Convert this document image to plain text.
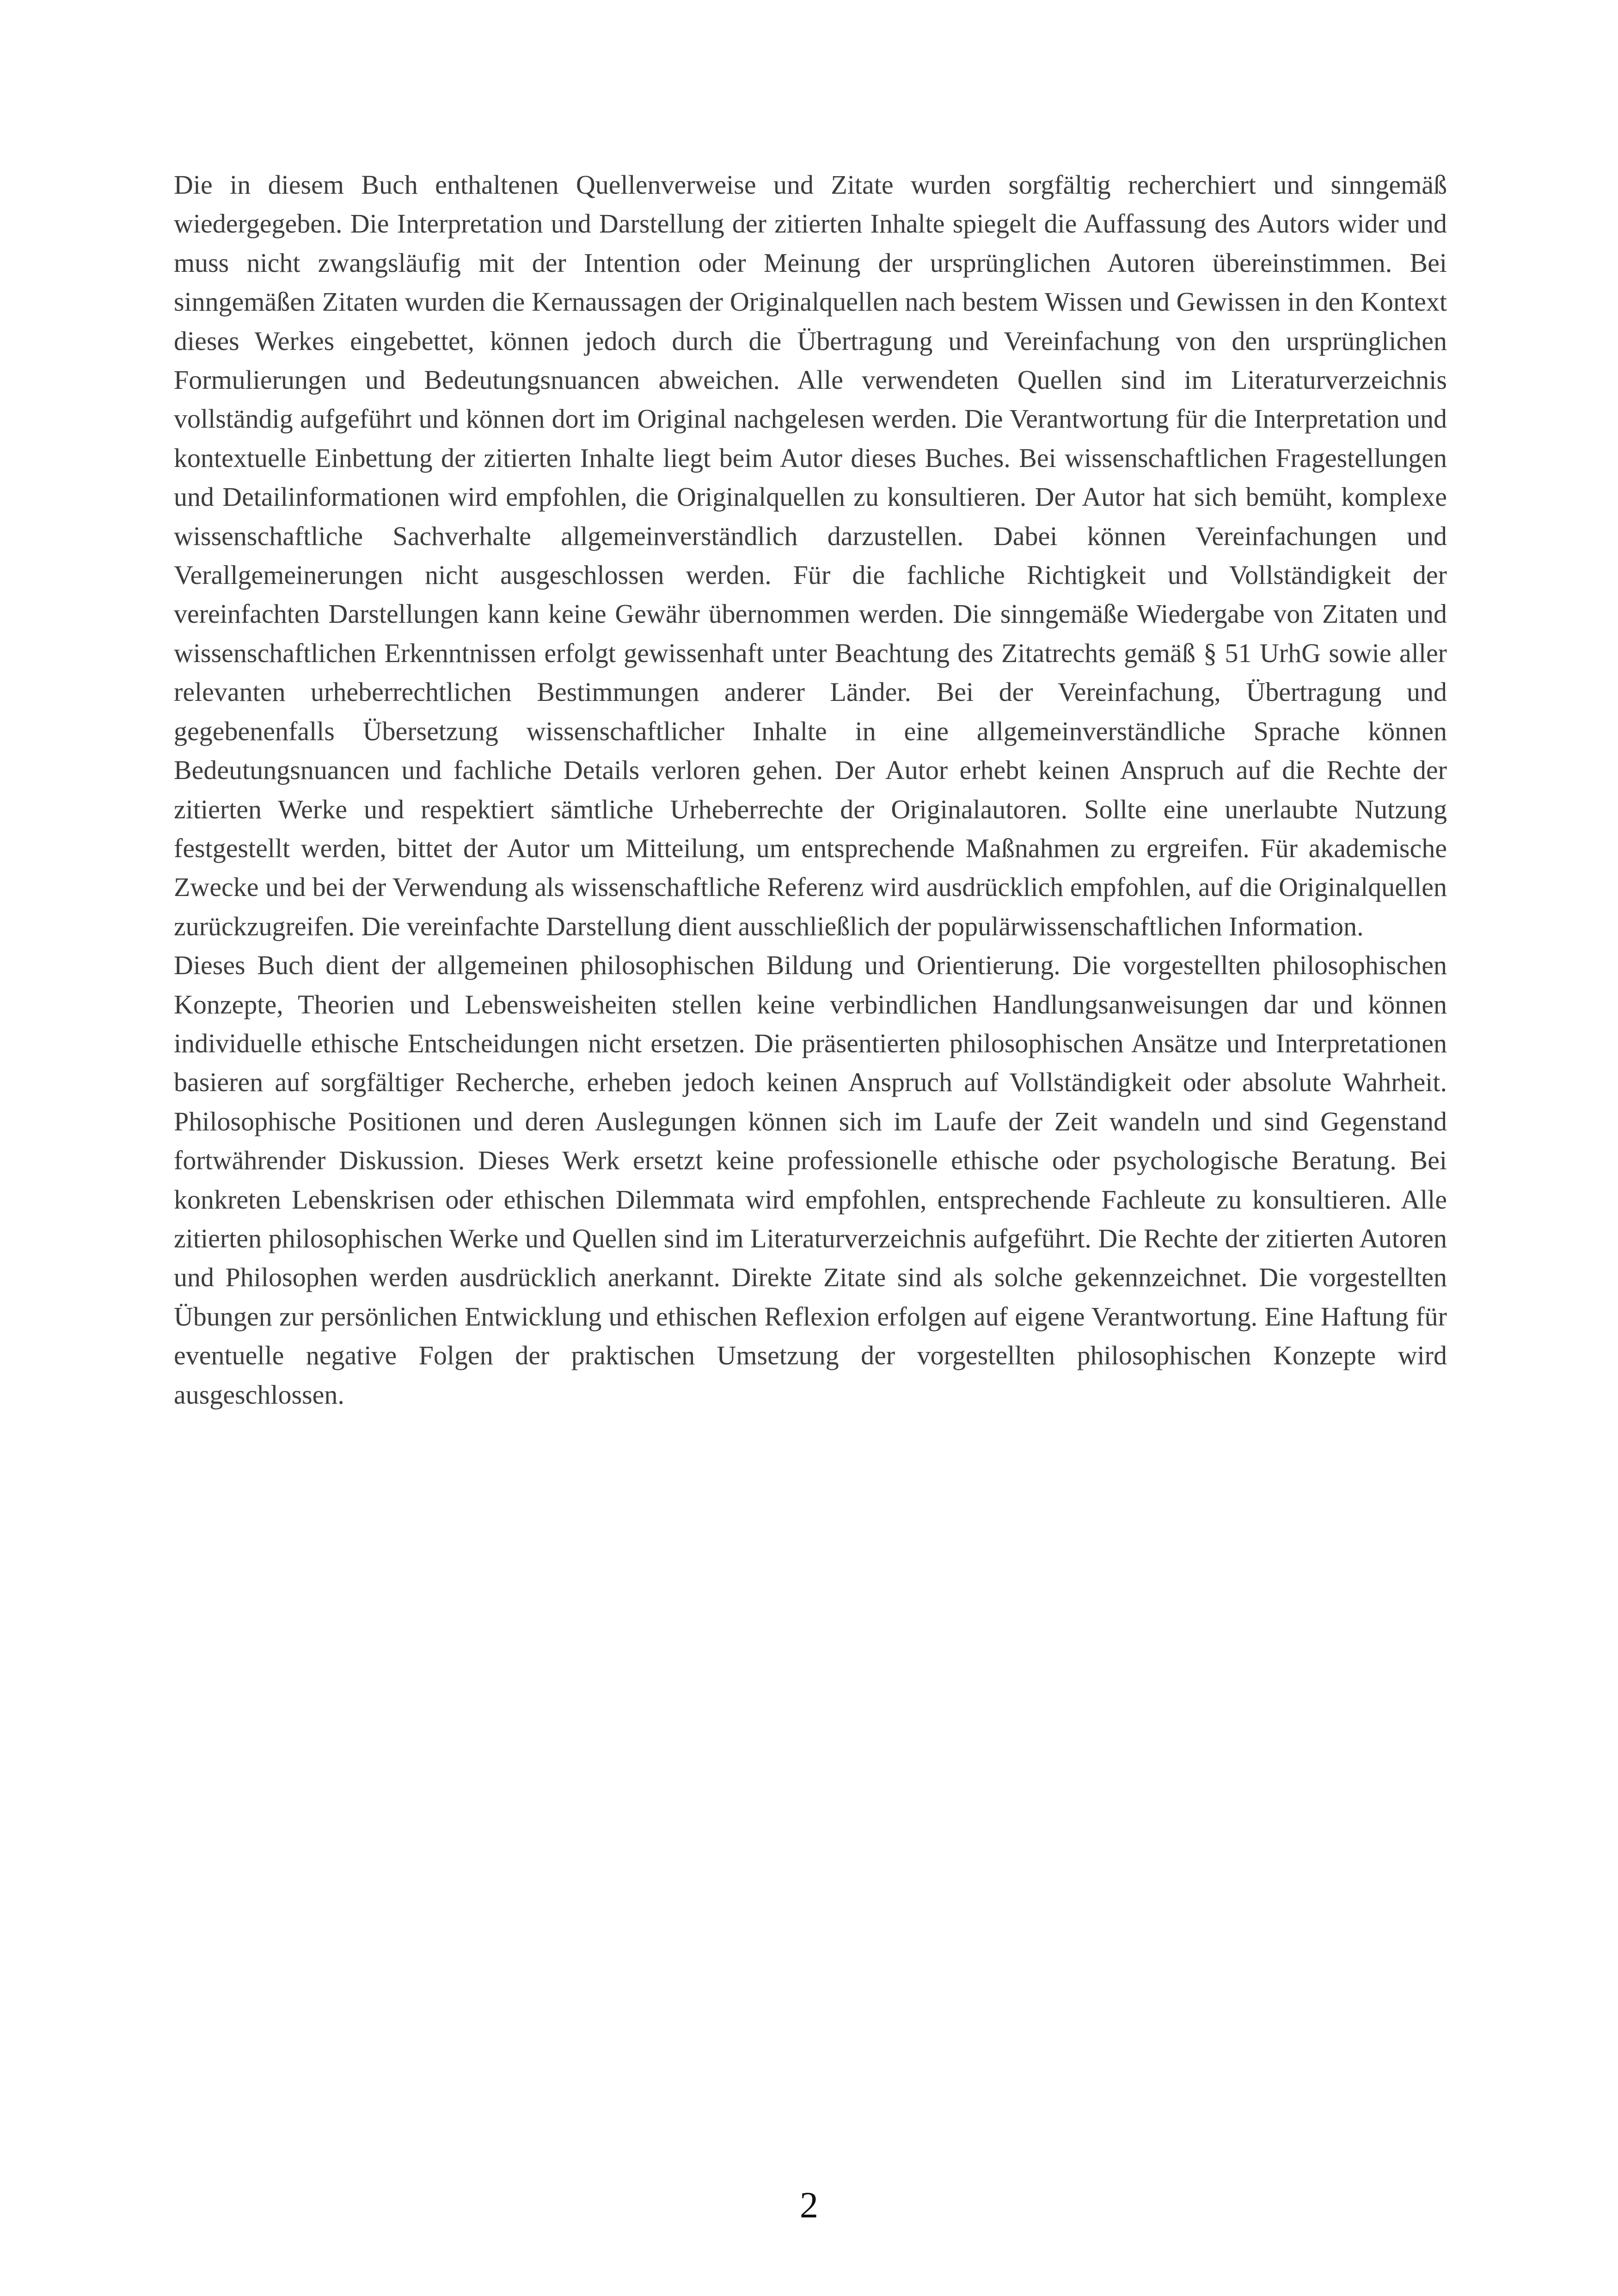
Die in diesem Buch enthaltenen Quellenverweise und Zitate wurden sorgfältig recherchiert und sinngemäß wiedergegeben. Die Interpretation und Darstellung der zitierten Inhalte spiegelt die Auffassung des Autors wider und muss nicht zwangsläufig mit der Intention oder Meinung der ursprünglichen Autoren übereinstimmen. Bei sinngemäßen Zitaten wurden die Kernaussagen der Originalquellen nach bestem Wissen und Gewissen in den Kontext dieses Werkes eingebettet, können jedoch durch die Übertragung und Vereinfachung von den ursprünglichen Formulierungen und Bedeutungsnuancen abweichen. Alle verwendeten Quellen sind im Literaturverzeichnis vollständig aufgeführt und können dort im Original nachgelesen werden. Die Verantwortung für die Interpretation und kontextuelle Einbettung der zitierten Inhalte liegt beim Autor dieses Buches. Bei wissenschaftlichen Fragestellungen und Detailinformationen wird empfohlen, die Originalquellen zu konsultieren. Der Autor hat sich bemüht, komplexe wissenschaftliche Sachverhalte allgemeinverständlich darzustellen. Dabei können Vereinfachungen und Verallgemeinerungen nicht ausgeschlossen werden. Für die fachliche Richtigkeit und Vollständigkeit der vereinfachten Darstellungen kann keine Gewähr übernommen werden. Die sinngemäße Wiedergabe von Zitaten und wissenschaftlichen Erkenntnissen erfolgt gewissenhaft unter Beachtung des Zitatrechts gemäß § 51 UrhG sowie aller relevanten urheberrechtlichen Bestimmungen anderer Länder. Bei der Vereinfachung, Übertragung und gegebenenfalls Übersetzung wissenschaftlicher Inhalte in eine allgemeinverständliche Sprache können Bedeutungsnuancen und fachliche Details verloren gehen. Der Autor erhebt keinen Anspruch auf die Rechte der zitierten Werke und respektiert sämtliche Urheberrechte der Originalautoren. Sollte eine unerlaubte Nutzung festgestellt werden, bittet der Autor um Mitteilung, um entsprechende Maßnahmen zu ergreifen. Für akademische Zwecke und bei der Verwendung als wissenschaftliche Referenz wird ausdrücklich empfohlen, auf die Originalquellen zurückzugreifen. Die vereinfachte Darstellung dient ausschließlich der populärwissenschaftlichen Information.

Dieses Buch dient der allgemeinen philosophischen Bildung und Orientierung. Die vorgestellten philosophischen Konzepte, Theorien und Lebensweisheiten stellen keine verbindlichen Handlungsanweisungen dar und können individuelle ethische Entscheidungen nicht ersetzen. Die präsentierten philosophischen Ansätze und Interpretationen basieren auf sorgfältiger Recherche, erheben jedoch keinen Anspruch auf Vollständigkeit oder absolute Wahrheit. Philosophische Positionen und deren Auslegungen können sich im Laufe der Zeit wandeln und sind Gegenstand fortwährender Diskussion. Dieses Werk ersetzt keine professionelle ethische oder psychologische Beratung. Bei konkreten Lebenskrisen oder ethischen Dilemmata wird empfohlen, entsprechende Fachleute zu konsultieren. Alle zitierten philosophischen Werke und Quellen sind im Literaturverzeichnis aufgeführt. Die Rechte der zitierten Autoren und Philosophen werden ausdrücklich anerkannt. Direkte Zitate sind als solche gekennzeichnet. Die vorgestellten Übungen zur persönlichen Entwicklung und ethischen Reflexion erfolgen auf eigene Verantwortung. Eine Haftung für eventuelle negative Folgen der praktischen Umsetzung der vorgestellten philosophischen Konzepte wird ausgeschlossen.

2
